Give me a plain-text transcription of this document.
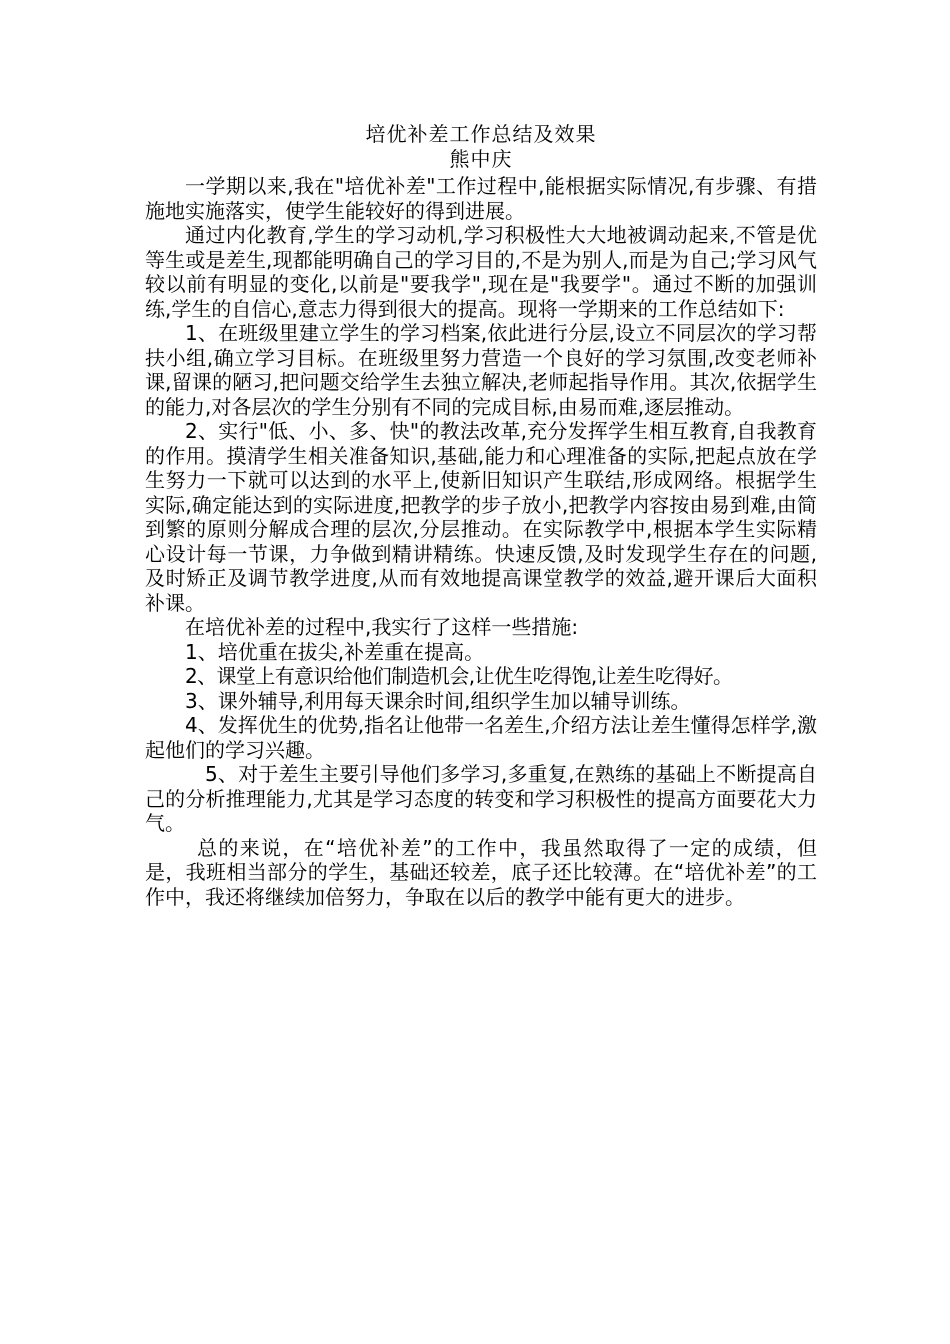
培优补差工作总结及效果

熊中庆

一学期以来,我在"培优补差"工作过程中,能根据实际情况,有步骤、有措施地实施落实，使学生能较好的得到进展。

通过内化教育,学生的学习动机,学习积极性大大地被调动起来,不管是优等生或是差生,现都能明确自己的学习目的,不是为别人,而是为自己;学习风气较以前有明显的变化,以前是"要我学",现在是"我要学"。通过不断的加强训练,学生的自信心,意志力得到很大的提高。现将一学期来的工作总结如下:

1、在班级里建立学生的学习档案,依此进行分层,设立不同层次的学习帮扶小组,确立学习目标。在班级里努力营造一个良好的学习氛围,改变老师补课,留课的陋习,把问题交给学生去独立解决,老师起指导作用。其次,依据学生的能力,对各层次的学生分别有不同的完成目标,由易而难,逐层推动。

2、实行"低、小、多、快"的教法改革,充分发挥学生相互教育,自我教育的作用。摸清学生相关准备知识,基础,能力和心理准备的实际,把起点放在学生努力一下就可以达到的水平上,使新旧知识产生联结,形成网络。根据学生实际,确定能达到的实际进度,把教学的步子放小,把教学内容按由易到难,由简到繁的原则分解成合理的层次,分层推动。在实际教学中,根据本学生实际精心设计每一节课，力争做到精讲精练。快速反馈,及时发现学生存在的问题,及时矫正及调节教学进度,从而有效地提高课堂教学的效益,避开课后大面积补课。

在培优补差的过程中,我实行了这样一些措施:

1、培优重在拔尖,补差重在提高。

2、课堂上有意识给他们制造机会,让优生吃得饱,让差生吃得好。

3、课外辅导,利用每天课余时间,组织学生加以辅导训练。

4、发挥优生的优势,指名让他带一名差生,介绍方法让差生懂得怎样学,激起他们的学习兴趣。

5、对于差生主要引导他们多学习,多重复,在熟练的基础上不断提高自己的分析推理能力,尤其是学习态度的转变和学习积极性的提高方面要花大力气。

总的来说，在“培优补差”的工作中，我虽然取得了一定的成绩，但是，我班相当部分的学生，基础还较差，底子还比较薄。在“培优补差”的工作中，我还将继续加倍努力，争取在以后的教学中能有更大的进步。
